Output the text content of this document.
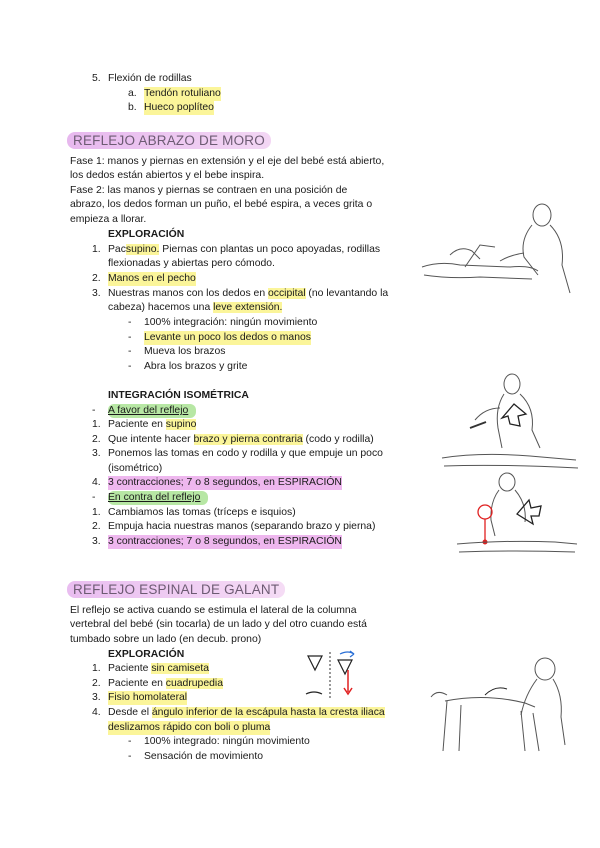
5. Flexión de rodillas
a. Tendón rotuliano
b. Hueco poplíteo
REFLEJO ABRAZO DE MORO
Fase 1: manos y piernas en extensión y el eje del bebé está abierto,
los dedos están abiertos y el bebe inspira.
Fase 2: las manos y piernas se contraen en una posición de
abrazo, los dedos forman un puño, el bebé espira, a veces grita o
empieza a llorar.
EXPLORACIÓN
1. Pacsupino. Piernas con plantas un poco apoyadas, rodillas
flexionadas y abiertas pero cómodo.
2. Manos en el pecho
3. Nuestras manos con los dedos en occipital (no levantando la
cabeza) hacemos una leve extensión.
- 100% integración: ningún movimiento
- Levante un poco los dedos o manos
- Mueva los brazos
- Abra los brazos y grite
INTEGRACIÓN ISOMÉTRICA
- A favor del reflejo
1. Paciente en supino
2. Que intente hacer brazo y pierna contraria (codo y rodilla)
3. Ponemos las tomas en codo y rodilla y que empuje un poco
(isométrico)
4. 3 contracciones; 7 o 8 segundos, en ESPIRACIÓN
- En contra del reflejo
1. Cambiamos las tomas (tríceps e isquios)
2. Empuja hacia nuestras manos (separando brazo y pierna)
3. 3 contracciones; 7 o 8 segundos, en ESPIRACIÓN
REFLEJO ESPINAL DE GALANT
El reflejo se activa cuando se estimula el lateral de la columna
vertebral del bebé (sin tocarla) de un lado y del otro cuando está
tumbado sobre un lado (en decub. prono)
EXPLORACIÓN
1. Paciente sin camiseta
2. Paciente en cuadrupedia
3. Fisio homolateral
4. Desde el ángulo inferior de la escápula hasta la cresta iliaca
deslizamos rápido con boli o pluma
- 100% integrado: ningún movimiento
- Sensación de movimiento
